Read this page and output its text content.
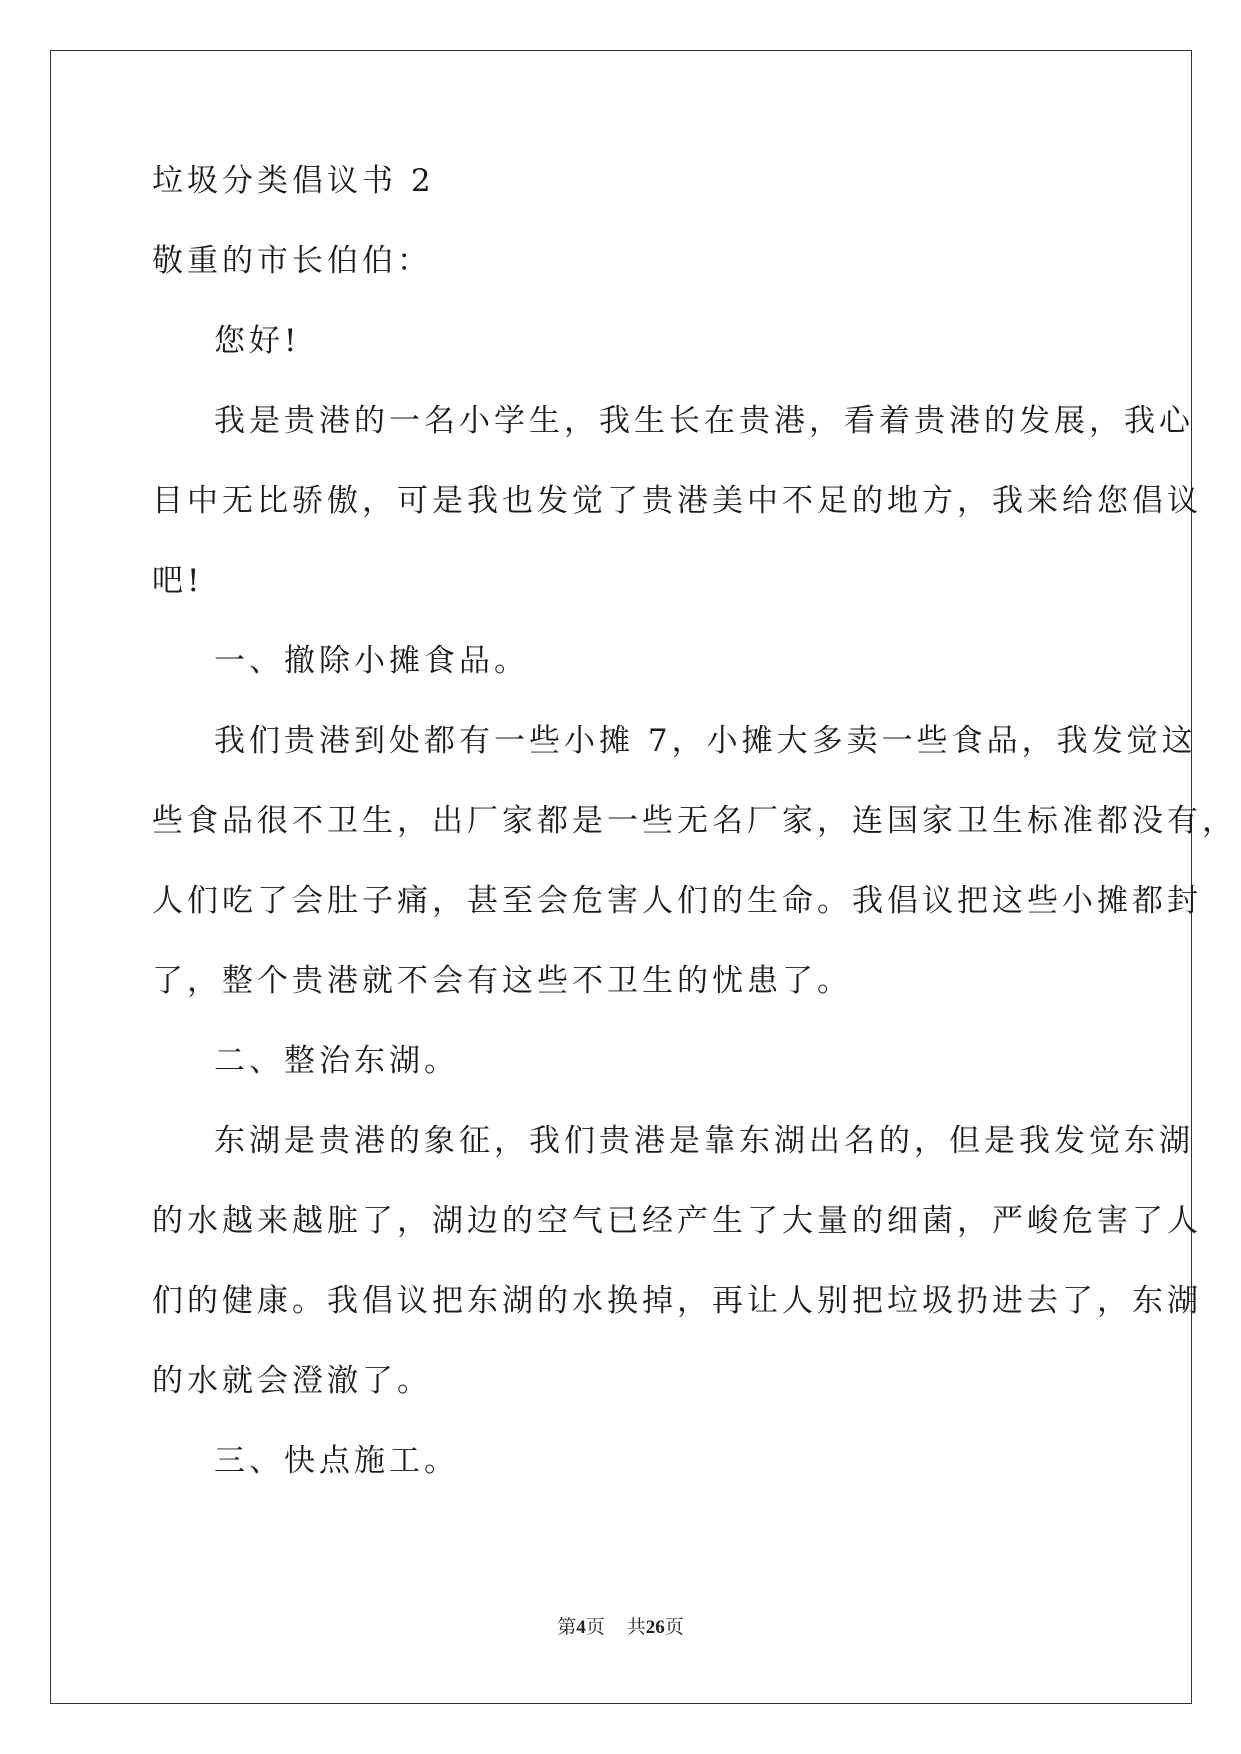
垃圾分类倡议书 2

敬重的市长伯伯：

您好!

我是贵港的一名小学生，我生长在贵港，看着贵港的发展，我心

目中无比骄傲，可是我也发觉了贵港美中不足的地方，我来给您倡议

吧!

一、撤除小摊食品。

我们贵港到处都有一些小摊 7，小摊大多卖一些食品，我发觉这

些食品很不卫生，出厂家都是一些无名厂家，连国家卫生标准都没有，

人们吃了会肚子痛，甚至会危害人们的生命。我倡议把这些小摊都封

了，整个贵港就不会有这些不卫生的忧患了。

二、整治东湖。

东湖是贵港的象征，我们贵港是靠东湖出名的，但是我发觉东湖

的水越来越脏了，湖边的空气已经产生了大量的细菌，严峻危害了人

们的健康。我倡议把东湖的水换掉，再让人别把垃圾扔进去了，东湖

的水就会澄澈了。

三、快点施工。

第4页 共26页
